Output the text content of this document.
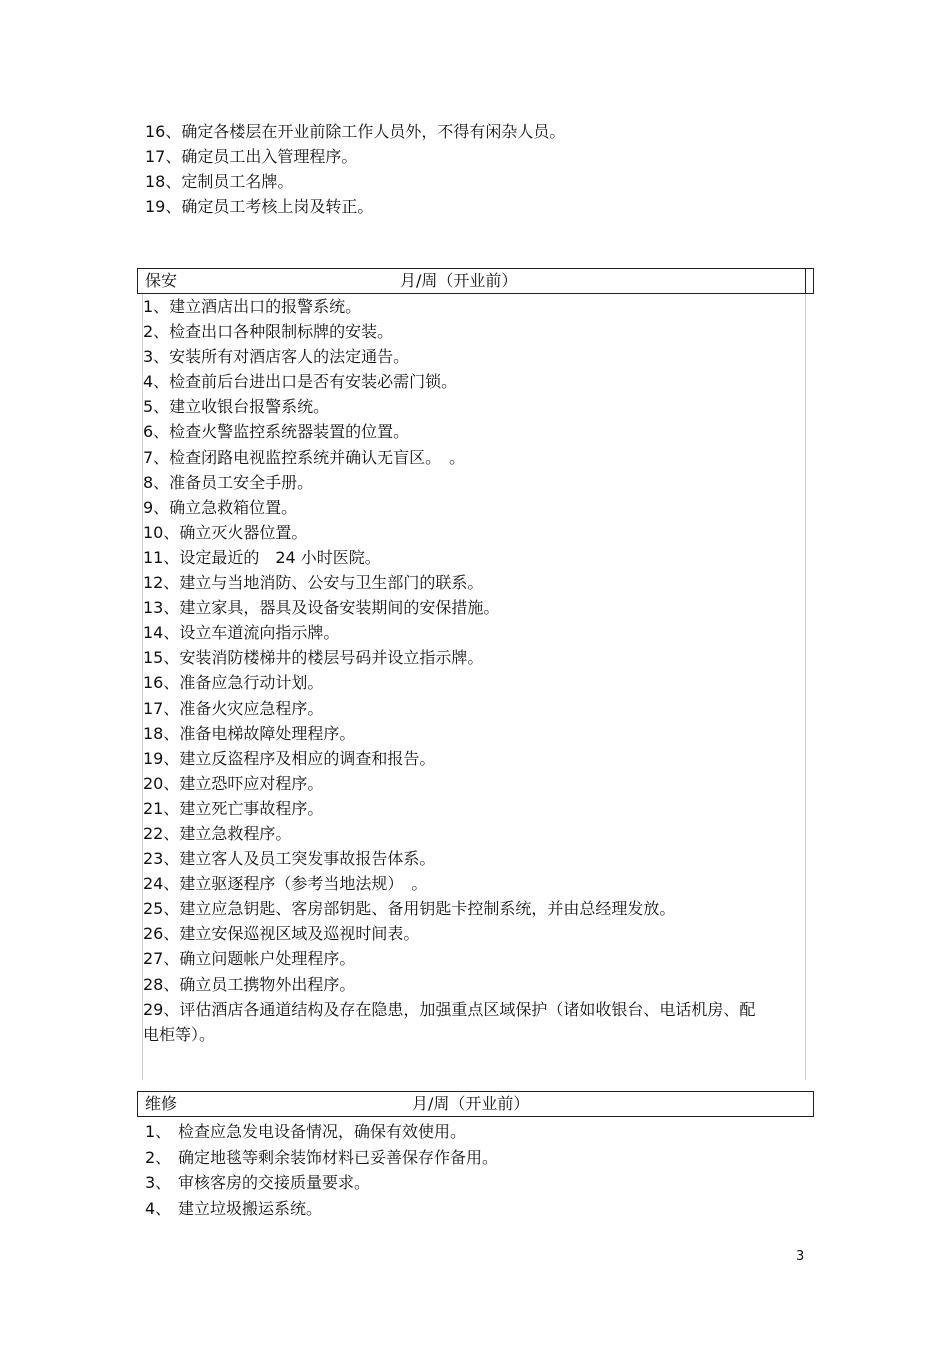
16、确定各楼层在开业前除工作人员外，不得有闲杂人员。
17、确定员工出入管理程序。
18、定制员工名牌。
19、确定员工考核上岗及转正。
保安	月/周（开业前）
1、建立酒店出口的报警系统。
2、检查出口各种限制标牌的安装。
3、安装所有对酒店客人的法定通告。
4、检查前后台进出口是否有安装必需门锁。
5、建立收银台报警系统。
6、检查火警监控系统器装置的位置。
7、检查闭路电视监控系统并确认无盲区。　。
8、准备员工安全手册。
9、确立急救箱位置。
10、确立灭火器位置。
11、设定最近的　24 小时医院。
12、建立与当地消防、公安与卫生部门的联系。
13、建立家具，器具及设备安装期间的安保措施。
14、设立车道流向指示牌。
15、安装消防楼梯井的楼层号码并设立指示牌。
16、准备应急行动计划。
17、准备火灾应急程序。
18、准备电梯故障处理程序。
19、建立反盗程序及相应的调查和报告。
20、建立恐吓应对程序。
21、建立死亡事故程序。
22、建立急救程序。
23、建立客人及员工突发事故报告体系。
24、建立驱逐程序（参考当地法规）　。
25、建立应急钥匙、客房部钥匙、备用钥匙卡控制系统，并由总经理发放。
26、建立安保巡视区域及巡视时间表。
27、确立问题帐户处理程序。
28、确立员工携物外出程序。
29、评估酒店各通道结构及存在隐患，加强重点区域保护（诸如收银台、电话机房、配电柜等）。
维修	月/周（开业前）
1、 检查应急发电设备情况，确保有效使用。
2、 确定地毯等剩余装饰材料已妥善保存作备用。
3、 审核客房的交接质量要求。
4、 建立垃圾搬运系统。
3
